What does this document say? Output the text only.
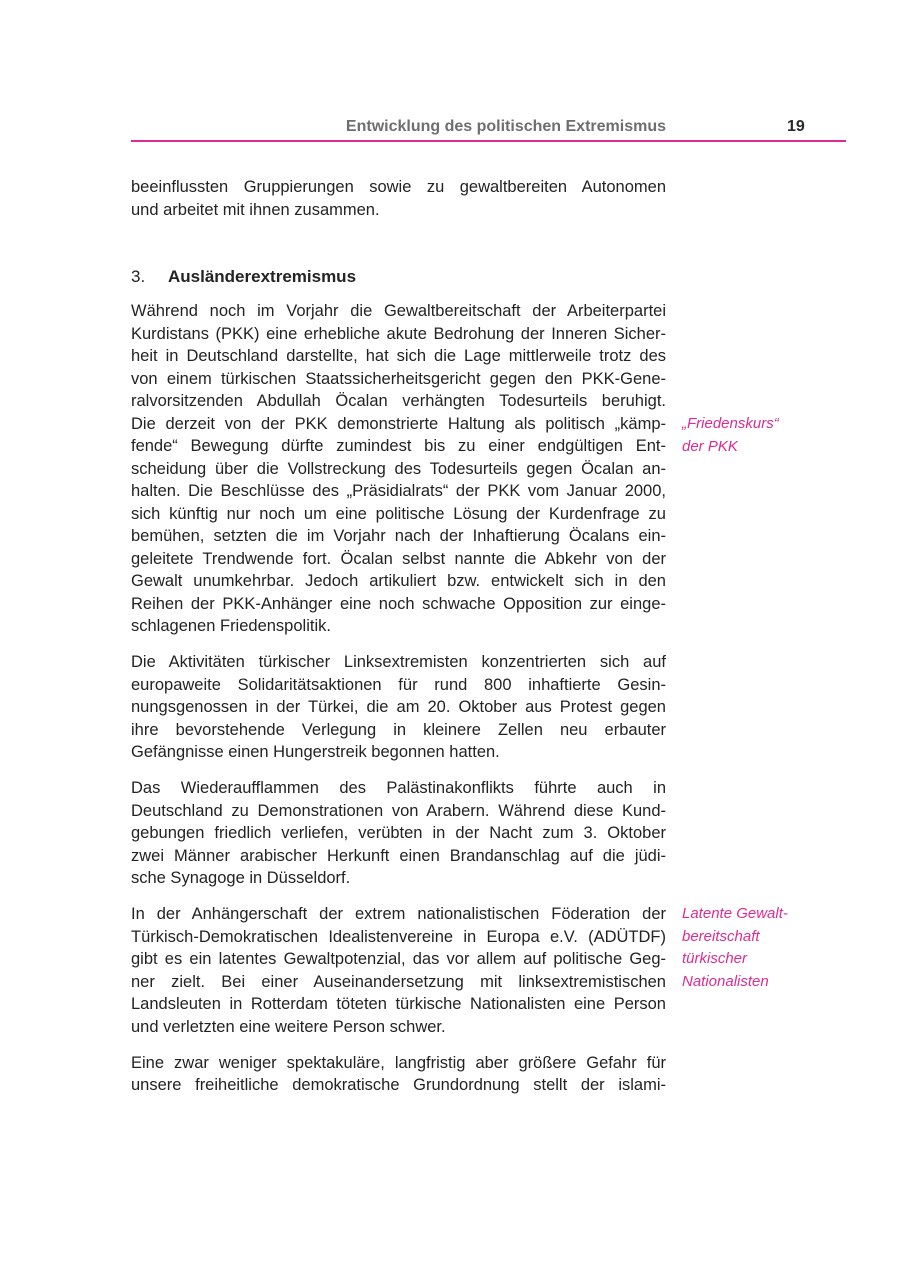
Entwicklung des politischen Extremismus	19
beeinflussten Gruppierungen sowie zu gewaltbereiten Autonomen
und arbeitet mit ihnen zusammen.
3. Ausländerextremismus
Während noch im Vorjahr die Gewaltbereitschaft der Arbeiterpartei
Kurdistans (PKK) eine erhebliche akute Bedrohung der Inneren Sicher-
heit in Deutschland darstellte, hat sich die Lage mittlerweile trotz des
von einem türkischen Staatssicherheitsgericht gegen den PKK-Gene-
ralvorsitzenden Abdullah Öcalan verhängten Todesurteils beruhigt.
Die derzeit von der PKK demonstrierte Haltung als politisch „kämp-
fende“ Bewegung dürfte zumindest bis zu einer endgültigen Ent-
scheidung über die Vollstreckung des Todesurteils gegen Öcalan an-
halten. Die Beschlüsse des „Präsidialrats“ der PKK vom Januar 2000,
sich künftig nur noch um eine politische Lösung der Kurdenfrage zu
bemühen, setzten die im Vorjahr nach der Inhaftierung Öcalans ein-
geleitete Trendwende fort. Öcalan selbst nannte die Abkehr von der
Gewalt unumkehrbar. Jedoch artikuliert bzw. entwickelt sich in den
Reihen der PKK-Anhänger eine noch schwache Opposition zur einge-
schlagenen Friedenspolitik.
Die Aktivitäten türkischer Linksextremisten konzentrierten sich auf
europaweite Solidaritätsaktionen für rund 800 inhaftierte Gesin-
nungsgenossen in der Türkei, die am 20. Oktober aus Protest gegen
ihre bevorstehende Verlegung in kleinere Zellen neu erbauter
Gefängnisse einen Hungerstreik begonnen hatten.
Das Wiederaufflammen des Palästinakonflikts führte auch in
Deutschland zu Demonstrationen von Arabern. Während diese Kund-
gebungen friedlich verliefen, verübten in der Nacht zum 3. Oktober
zwei Männer arabischer Herkunft einen Brandanschlag auf die jüdi-
sche Synagoge in Düsseldorf.
In der Anhängerschaft der extrem nationalistischen Föderation der
Türkisch-Demokratischen Idealistenvereine in Europa e.V. (ADÜTDF)
gibt es ein latentes Gewaltpotenzial, das vor allem auf politische Geg-
ner zielt. Bei einer Auseinandersetzung mit linksextremistischen
Landsleuten in Rotterdam töteten türkische Nationalisten eine Person
und verletzten eine weitere Person schwer.
Eine zwar weniger spektakuläre, langfristig aber größere Gefahr für
unsere freiheitliche demokratische Grundordnung stellt der islami-
„Friedenskurs“
der PKK
Latente Gewalt-
bereitschaft
türkischer
Nationalisten
